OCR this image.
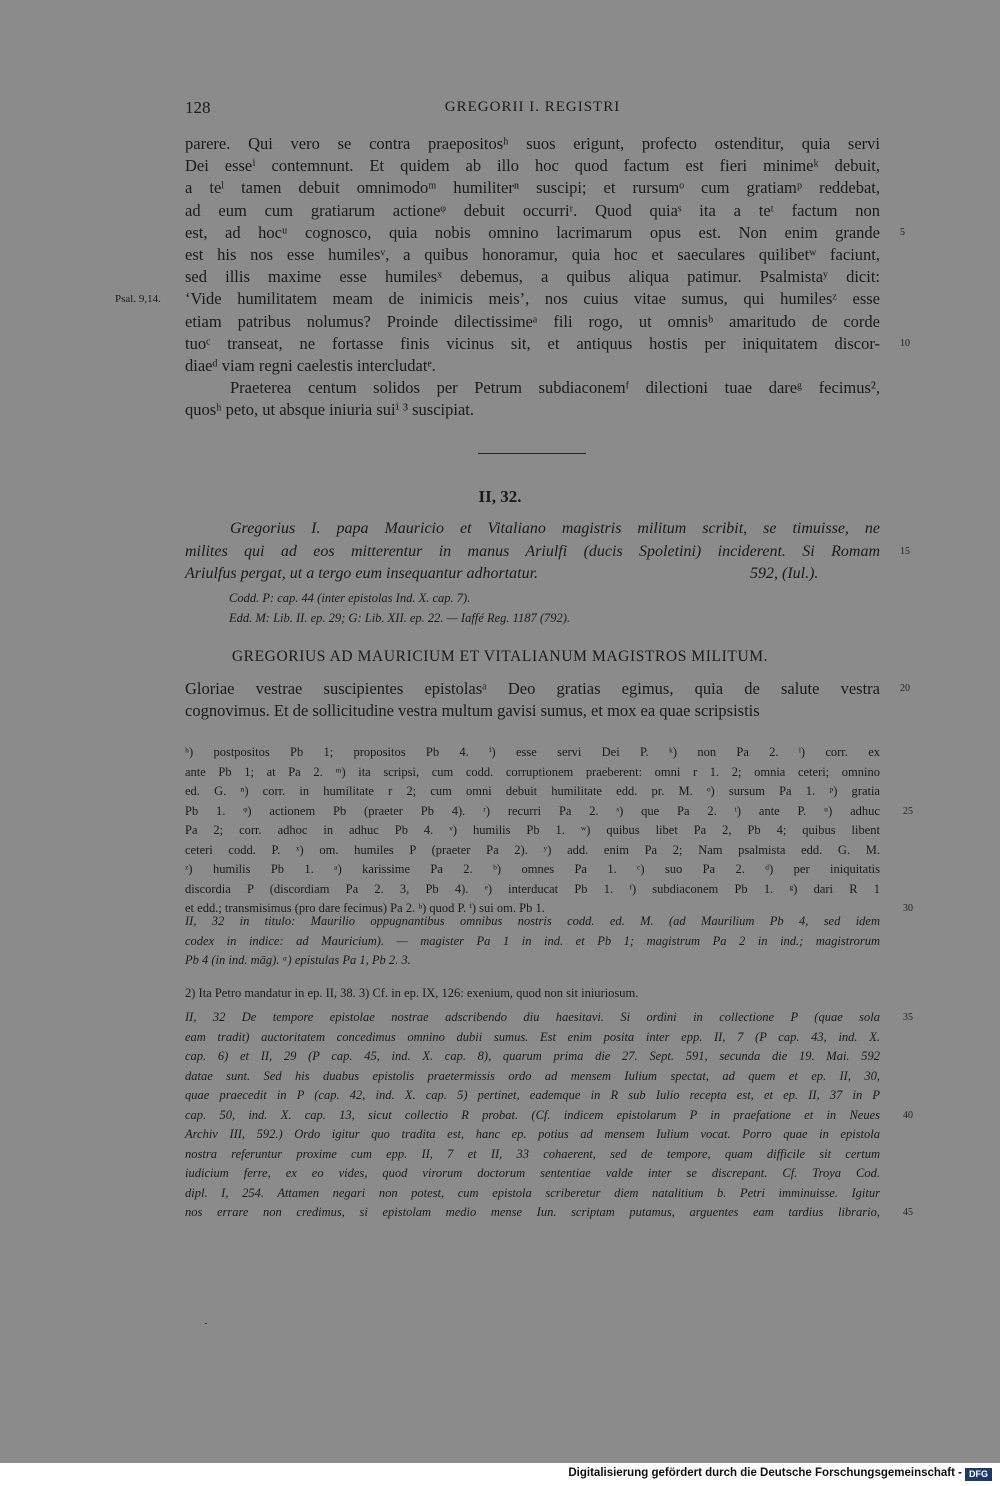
128	GREGORII I. REGISTRI
parere. Qui vero se contra praepositosʰ suos erigunt, profecto ostenditur, quia servi
Dei esseⁱ contemnunt. Et quidem ab illo hoc quod factum est fieri minimeᵏ debuit,
a teˡ tamen debuit omnimodoᵐ humiliterⁿ suscipi; et rursumᵒ cum gratiamᵖ reddebat,
ad eum cum gratiarum actioneᵠ debuit occurriʳ. Quod quiaˢ ita a teᵗ factum non
est, ad hocᵘ cognosco, quia nobis omnino lacrimarum opus est. Non enim grande 5
est his nos esse humilesᵛ, a quibus honoramur, quia hoc et saeculares quilibetʷ faciunt,
sed illis maxime esse humilesˣ debemus, a quibus aliqua patimur. Psalmistaʸ dicit:
Psal. 9,14. ‘Vide humilitatem meam de inimicis meis’, nos cuius vitae sumus, qui humilesᶻ esse
etiam patribus nolumus? Proinde dilectissimeᵃ fili rogo, ut omnisᵇ amaritudo de corde
tuoᶜ transeat, ne fortasse finis vicinus sit, et antiquus hostis per iniquitatem discor- 10
diaeᵈ viam regni caelestis intercludatᵉ.
Praeterea centum solidos per Petrum subdiaconemᶠ dilectioni tuae dareᵍ fecimus²,
quosʰ peto, ut absque iniuria suiⁱ ³ suscipiat.
II, 32.
Gregorius I. papa Mauricio et Vitaliano magistris militum scribit, se timuisse, ne
milites qui ad eos mitterentur in manus Ariulfi (ducis Spoletini) inciderent. Si Romam 15
Ariulfus pergat, ut a tergo eum insequantur adhortatur.	592, (Iul.).
Codd. P: cap. 44 (inter epistolas Ind. X. cap. 7).
Edd. M: Lib. II. ep. 29; G: Lib. XII. ep. 22. — Iaffé Reg. 1187 (792).
GREGORIUS AD MAURICIUM ET VITALIANUM MAGISTROS MILITUM.
Gloriae vestrae suscipientes epistolasᵃ Deo gratias egimus, quia de salute vestra 20
cognovimus. Et de sollicitudine vestra multum gavisi sumus, et mox ea quae scripsistis
ʰ) postpositos Pb 1; propositos Pb 4. ⁱ) esse servi Dei P. ᵏ) non Pa 2. ˡ) corr. ex
ante Pb 1; at Pa 2. ᵐ) ita scripsi, cum codd. corruptionem praeberent: omni r 1. 2; omnia ceteri; omnino
ed. G. ⁿ) corr. in humilitate r 2; cum omni debuit humilitate edd. pr. M. ᵒ) sursum Pa 1. ᵖ) gratia
Pb 1. ᵠ) actionem Pb (praeter Pb 4). ʳ) recurri Pa 2. ˢ) que Pa 2. ᵗ) ante P. ᵘ) adhuc 25
Pa 2; corr. adhoc in adhuc Pb 4. ᵛ) humilis Pb 1. ʷ) quibus libet Pa 2, Pb 4; quibus libent
ceteri codd. P. ˣ) om. humiles P (praeter Pa 2). ʸ) add. enim Pa 2; Nam psalmista edd. G. M.
ᶻ) humilis Pb 1. ᵃ) karissime Pa 2. ᵇ) omnes Pa 1. ᶜ) suo Pa 2. ᵈ) per iniquitatis
discordia P (discordiam Pa 2. 3, Pb 4). ᵉ) interducat Pb 1. ᶠ) subdiaconem Pb 1. ᵍ) dari R 1
et edd.; transmisimus (pro dare fecimus) Pa 2. ᵇ) quod P. ⁱ) sui om. Pb 1.	30
II, 32 in titulo: Maurilio oppugnantibus omnibus nostris codd. ed. M. (ad Maurilium Pb 4, sed idem
codex in indice: ad Mauricium). — magister Pa 1 in ind. et Pb 1; magistrum Pa 2 in ind.; magistrorum
Pb 4 (in ind. māg). ᵃ) epistulas Pa 1, Pb 2. 3.
2) Ita Petro mandatur in ep. II, 38. 3) Cf. in ep. IX, 126: exenium, quod non sit iniuriosum.
II, 32 De tempore epistolae nostrae adscribendo diu haesitavi. Si ordini in collectione P (quae sola 35
eam tradit) auctoritatem concedimus omnino dubii sumus. Est enim posita inter epp. II, 7 (P cap. 43, ind. X.
cap. 6) et II, 29 (P cap. 45, ind. X. cap. 8), quarum prima die 27. Sept. 591, secunda die 19. Mai. 592
datae sunt. Sed his duabus epistolis praetermissis ordo ad mensem Iulium spectat, ad quem et ep. II, 30,
quae praecedit in P (cap. 42, ind. X. cap. 5) pertinet, eademque in R sub Iulio recepta est, et ep. II, 37 in P
cap. 50, ind. X. cap. 13, sicut collectio R probat. (Cf. indicem epistolarum P in praefatione et in Neues 40
Archiv III, 592.) Ordo igitur quo tradita est, hanc ep. potius ad mensem Iulium vocat. Porro quae in epistola
nostra referuntur proxime cum epp. II, 7 et II, 33 cohaerent, sed de tempore, quam difficile sit certum
iudicium ferre, ex eo vides, quod virorum doctorum sententiae valde inter se discrepant. Cf. Troya Cod.
dipl. I, 254. Attamen negari non potest, cum epistola scriberetur diem natalitium b. Petri imminuisse. Igitur
nos errare non credimus, si epistolam medio mense Iun. scriptam putamus, arguentes eam tardius librario, 45
Digitalisierung gefördert durch die Deutsche Forschungsgemeinschaft - DFG
